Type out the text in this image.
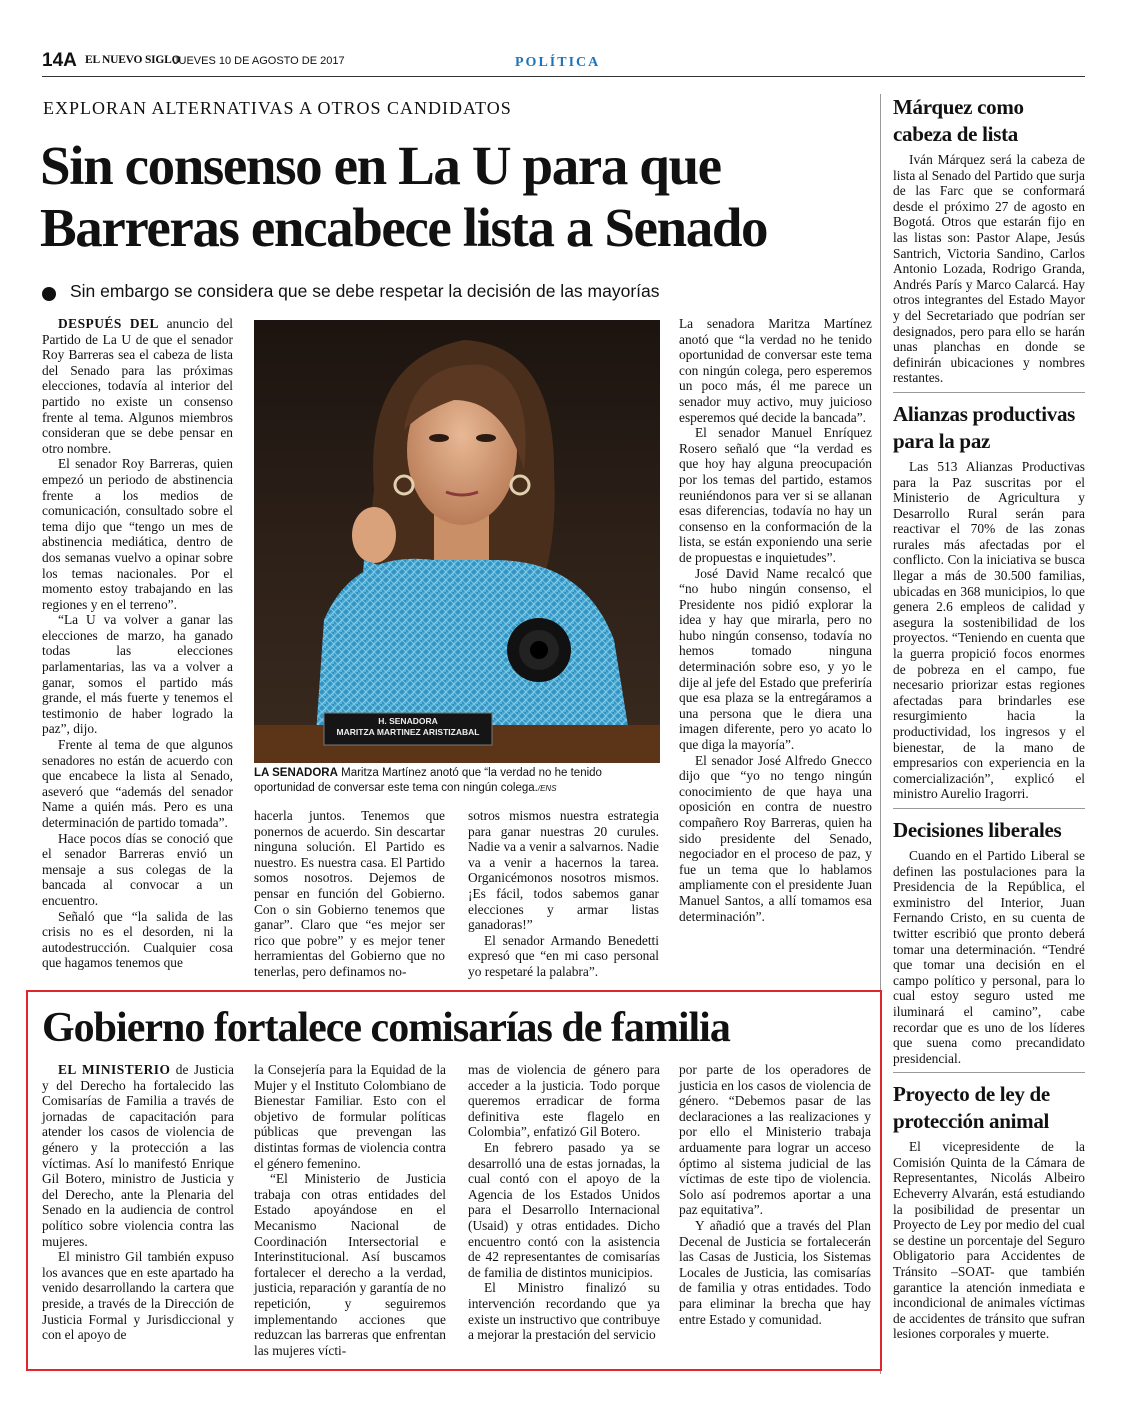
14A EL NUEVO SIGLO
JUEVES 10 DE AGOSTO DE 2017	POLÍTICA
EXPLORAN ALTERNATIVAS A OTROS CANDIDATOS
Sin consenso en La U para que Barreras encabece lista a Senado
Sin embargo se considera que se debe respetar la decisión de las mayorías

DESPUÉS DEL anuncio del Partido de La U de que el senador Roy Barreras sea el cabeza de lista del Senado para las próximas elecciones, todavía al interior del partido no existe un consenso frente al tema. Algunos miembros consideran que se debe pensar en otro nombre.

El senador Roy Barreras, quien empezó un periodo de abstinencia frente a los medios de comunicación, consultado sobre el tema dijo que “tengo un mes de abstinencia mediática, dentro de dos semanas vuelvo a opinar sobre los temas nacionales. Por el momento estoy trabajando en las regiones y en el terreno”.

“La U va volver a ganar las elecciones de marzo, ha ganado todas las elecciones parlamentarias, las va a volver a ganar, somos el partido más grande, el más fuerte y tenemos el testimonio de haber logrado la paz”, dijo.

Frente al tema de que algunos senadores no están de acuerdo con que encabece la lista al Senado, aseveró que “además del senador Name a quién más. Pero es una determinación de partido tomada”.

Hace pocos días se conoció que el senador Barreras envió un mensaje a sus colegas de la bancada al convocar a un encuentro.

Señaló que “la salida de las crisis no es el desorden, ni la autodestrucción. Cualquier cosa que hagamos tenemos que

H. SENADORA
MARITZA MARTINEZ ARISTIZABAL
LA SENADORA Maritza Martínez anotó que “la verdad no he tenido oportunidad de conversar este tema con ningún colega./ENS

hacerla juntos. Tenemos que ponernos de acuerdo. Sin descartar ninguna solución. El Partido es nuestro. Es nuestra casa. El Partido somos nosotros. Dejemos de pensar en función del Gobierno. Con o sin Gobierno tenemos que ganar”. Claro que “es mejor ser rico que pobre” y es mejor tener herramientas del Gobierno que no tenerlas, pero definamos no-

sotros mismos nuestra estrategia para ganar nuestras 20 curules. Nadie va a venir a salvarnos. Nadie va a venir a hacernos la tarea. Organicémonos nosotros mismos. ¡Es fácil, todos sabemos ganar elecciones y armar listas ganadoras!”

El senador Armando Benedetti expresó que “en mi caso personal yo respetaré la palabra”.

La senadora Maritza Martínez anotó que “la verdad no he tenido oportunidad de conversar este tema con ningún colega, pero esperemos un poco más, él me parece un senador muy activo, muy juicioso esperemos qué decide la bancada”.

El senador Manuel Enríquez Rosero señaló que “la verdad es que hoy hay alguna preocupación por los temas del partido, estamos reuniéndonos para ver si se allanan esas diferencias, todavía no hay un consenso en la conformación de la lista, se están exponiendo una serie de propuestas e inquietudes”.

José David Name recalcó que “no hubo ningún consenso, el Presidente nos pidió explorar la idea y hay que mirarla, pero no hubo ningún consenso, todavía no hemos tomado ninguna determinación sobre eso, y yo le dije al jefe del Estado que preferiría que esa plaza se la entregáramos a una persona que le diera una imagen diferente, pero yo acato lo que diga la mayoría”.

El senador José Alfredo Gnecco dijo que “yo no tengo ningún conocimiento de que haya una oposición en contra de nuestro compañero Roy Barreras, quien ha sido presidente del Senado, negociador en el proceso de paz, y fue un tema que lo hablamos ampliamente con el presidente Juan Manuel Santos, a allí tomamos esa determinación”.

Gobierno fortalece comisarías de familia

EL MINISTERIO de Justicia y del Derecho ha fortalecido las Comisarías de Familia a través de jornadas de capacitación para atender los casos de violencia de género y la protección a las víctimas. Así lo manifestó Enrique Gil Botero, ministro de Justicia y del Derecho, ante la Plenaria del Senado en la audiencia de control político sobre violencia contra las mujeres.

El ministro Gil también expuso los avances que en este apartado ha venido desarrollando la cartera que preside, a través de la Dirección de Justicia Formal y Jurisdiccional y con el apoyo de

la Consejería para la Equidad de la Mujer y el Instituto Colombiano de Bienestar Familiar. Esto con el objetivo de formular políticas públicas que prevengan las distintas formas de violencia contra el género femenino.

“El Ministerio de Justicia trabaja con otras entidades del Estado apoyándose en el Mecanismo Nacional de Coordinación Intersectorial e Interinstitucional. Así buscamos fortalecer el derecho a la verdad, justicia, reparación y garantía de no repetición, y seguiremos implementando acciones que reduzcan las barreras que enfrentan las mujeres vícti-

mas de violencia de género para acceder a la justicia. Todo porque queremos erradicar de forma definitiva este flagelo en Colombia”, enfatizó Gil Botero.

En febrero pasado ya se desarrolló una de estas jornadas, la cual contó con el apoyo de la Agencia de los Estados Unidos para el Desarrollo Internacional (Usaid) y otras entidades. Dicho encuentro contó con la asistencia de 42 representantes de comisarías de familia de distintos municipios.

El Ministro finalizó su intervención recordando que ya existe un instructivo que contribuye a mejorar la prestación del servicio

por parte de los operadores de justicia en los casos de violencia de género. “Debemos pasar de las declaraciones a las realizaciones y por ello el Ministerio trabaja arduamente para lograr un acceso óptimo al sistema judicial de las víctimas de este tipo de violencia. Solo así podremos aportar a una paz equitativa”.

Y añadió que a través del Plan Decenal de Justicia se fortalecerán las Casas de Justicia, los Sistemas Locales de Justicia, las comisarías de familia y otras entidades. Todo para eliminar la brecha que hay entre Estado y comunidad.

Márquez como cabeza de lista

Iván Márquez será la cabeza de lista al Senado del Partido que surja de las Farc que se conformará desde el próximo 27 de agosto en Bogotá. Otros que estarán fijo en las listas son: Pastor Alape, Jesús Santrich, Victoria Sandino, Carlos Antonio Lozada, Rodrigo Granda, Andrés París y Marco Calarcá. Hay otros integrantes del Estado Mayor y del Secretariado que podrían ser designados, pero para ello se harán unas planchas en donde se definirán ubicaciones y nombres restantes.

Alianzas productivas para la paz

Las 513 Alianzas Productivas para la Paz suscritas por el Ministerio de Agricultura y Desarrollo Rural serán para reactivar el 70% de las zonas rurales más afectadas por el conflicto. Con la iniciativa se busca llegar a más de 30.500 familias, ubicadas en 368 municipios, lo que genera 2.6 empleos de calidad y asegura la sostenibilidad de los proyectos. “Teniendo en cuenta que la guerra propició focos enormes de pobreza en el campo, fue necesario priorizar estas regiones afectadas para brindarles ese resurgimiento hacia la productividad, los ingresos y el bienestar, de la mano de empresarios con experiencia en la comercialización”, explicó el ministro Aurelio Iragorri.

Decisiones liberales

Cuando en el Partido Liberal se definen las postulaciones para la Presidencia de la República, el exministro del Interior, Juan Fernando Cristo, en su cuenta de twitter escribió que pronto deberá tomar una determinación. “Tendré que tomar una decisión en el campo político y personal, para lo cual estoy seguro usted me iluminará el camino”, cabe recordar que es uno de los líderes que suena como precandidato presidencial.

Proyecto de ley de protección animal

El vicepresidente de la Comisión Quinta de la Cámara de Representantes, Nicolás Albeiro Echeverry Alvarán, está estudiando la posibilidad de presentar un Proyecto de Ley por medio del cual se destine un porcentaje del Seguro Obligatorio para Accidentes de Tránsito –SOAT- que también garantice la atención inmediata e incondicional de animales víctimas de accidentes de tránsito que sufran lesiones corporales y muerte.
